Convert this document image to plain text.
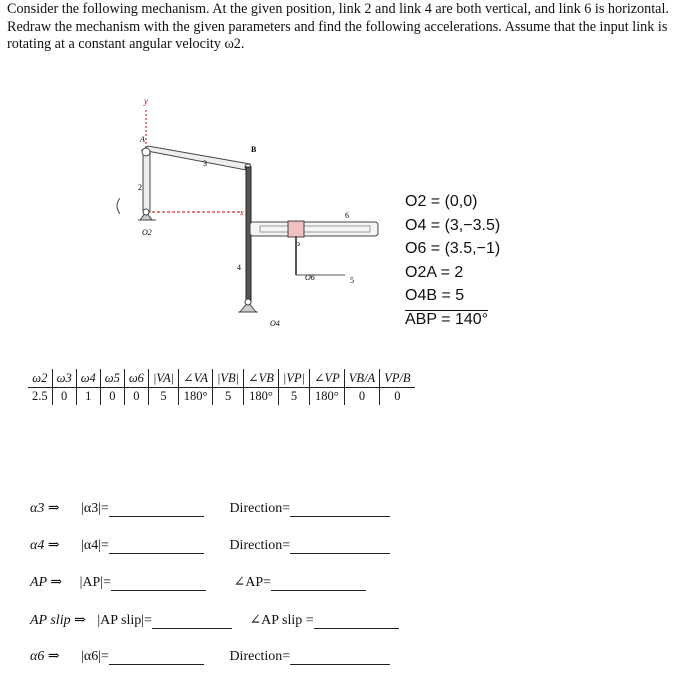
Consider the following mechanism. At the given position, link 2 and link 4 are both vertical, and link 6 is horizontal. Redraw the mechanism with the given parameters and find the following accelerations. Assume that the input link is rotating at a constant angular velocity ω2.
y
A
B
3
2
O2
x
4
6
P
O6	5
O4
O2 = (0,0)
O4 = (3,−3.5)
O6 = (3.5,−1)
O2A = 2
O4B = 5
ABP = 140°
ω2	ω3	ω4	ω5	ω6	|VA|	∠VA	|VB|	∠VB	|VP|	∠VP	VB/A	VP/B
2.5	0	1	0	0	5	180°	5	180°	5	180°	0	0
α3 ⇒ |α3|=	Direction=
α4 ⇒ |α4|=	Direction=
AP ⇒ |AP|=	∠AP=
AP slip ⇒ |AP slip|=	∠AP slip =
α6 ⇒ |α6|=	Direction=
